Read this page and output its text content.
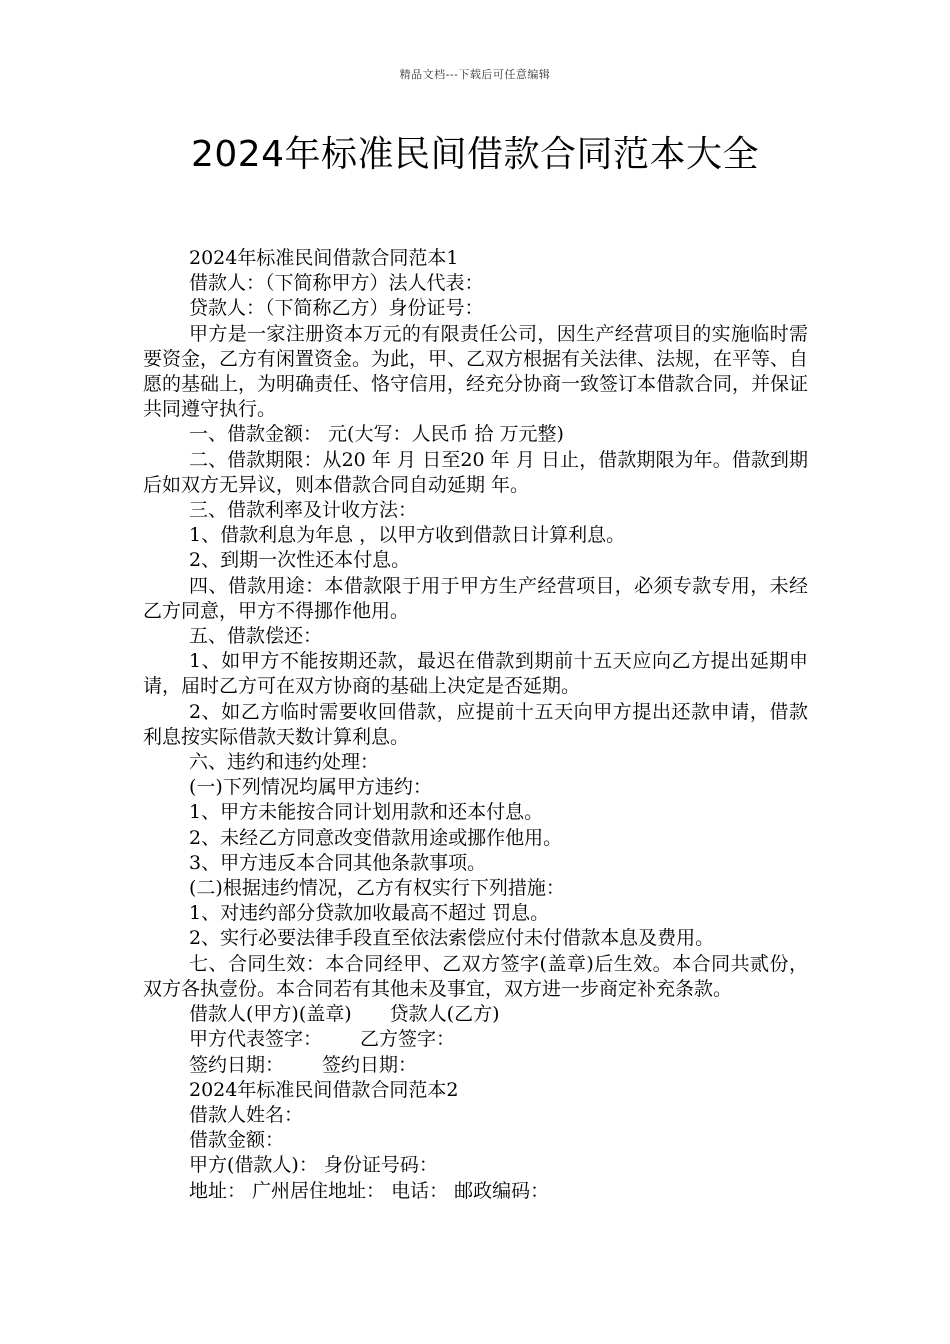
精品文档---下载后可任意编辑
2024年标准民间借款合同范本大全

2024年标准民间借款合同范本1

借款人：（下简称甲方）法人代表：

贷款人：（下简称乙方）身份证号：

甲方是一家注册资本万元的有限责任公司，因生产经营项目的实施临时需要资金，乙方有闲置资金。为此，甲、乙双方根据有关法律、法规，在平等、自愿的基础上，为明确责任、恪守信用，经充分协商一致签订本借款合同，并保证共同遵守执行。

一、借款金额： 元(大写：人民币 拾 万元整)

二、借款期限：从20 年 月 日至20 年 月 日止，借款期限为年。借款到期后如双方无异议，则本借款合同自动延期 年。

三、借款利率及计收方法：

1、借款利息为年息 ，以甲方收到借款日计算利息。

2、到期一次性还本付息。

四、借款用途：本借款限于用于甲方生产经营项目，必须专款专用，未经乙方同意，甲方不得挪作他用。

五、借款偿还：

1、如甲方不能按期还款，最迟在借款到期前十五天应向乙方提出延期申请，届时乙方可在双方协商的基础上决定是否延期。

2、如乙方临时需要收回借款，应提前十五天向甲方提出还款申请，借款利息按实际借款天数计算利息。

六、违约和违约处理：

(一)下列情况均属甲方违约：

1、甲方未能按合同计划用款和还本付息。

2、未经乙方同意改变借款用途或挪作他用。

3、甲方违反本合同其他条款事项。

(二)根据违约情况，乙方有权实行下列措施：

1、对违约部分贷款加收最高不超过 罚息。

2、实行必要法律手段直至依法索偿应付未付借款本息及费用。

七、合同生效：本合同经甲、乙双方签字(盖章)后生效。本合同共贰份，双方各执壹份。本合同若有其他未及事宜，双方进一步商定补充条款。

借款人(甲方)(盖章) 贷款人(乙方)

甲方代表签字： 乙方签字：

签约日期： 签约日期：

2024年标准民间借款合同范本2

借款人姓名：

借款金额：

甲方(借款人)： 身份证号码：

地址： 广州居住地址： 电话： 邮政编码：
